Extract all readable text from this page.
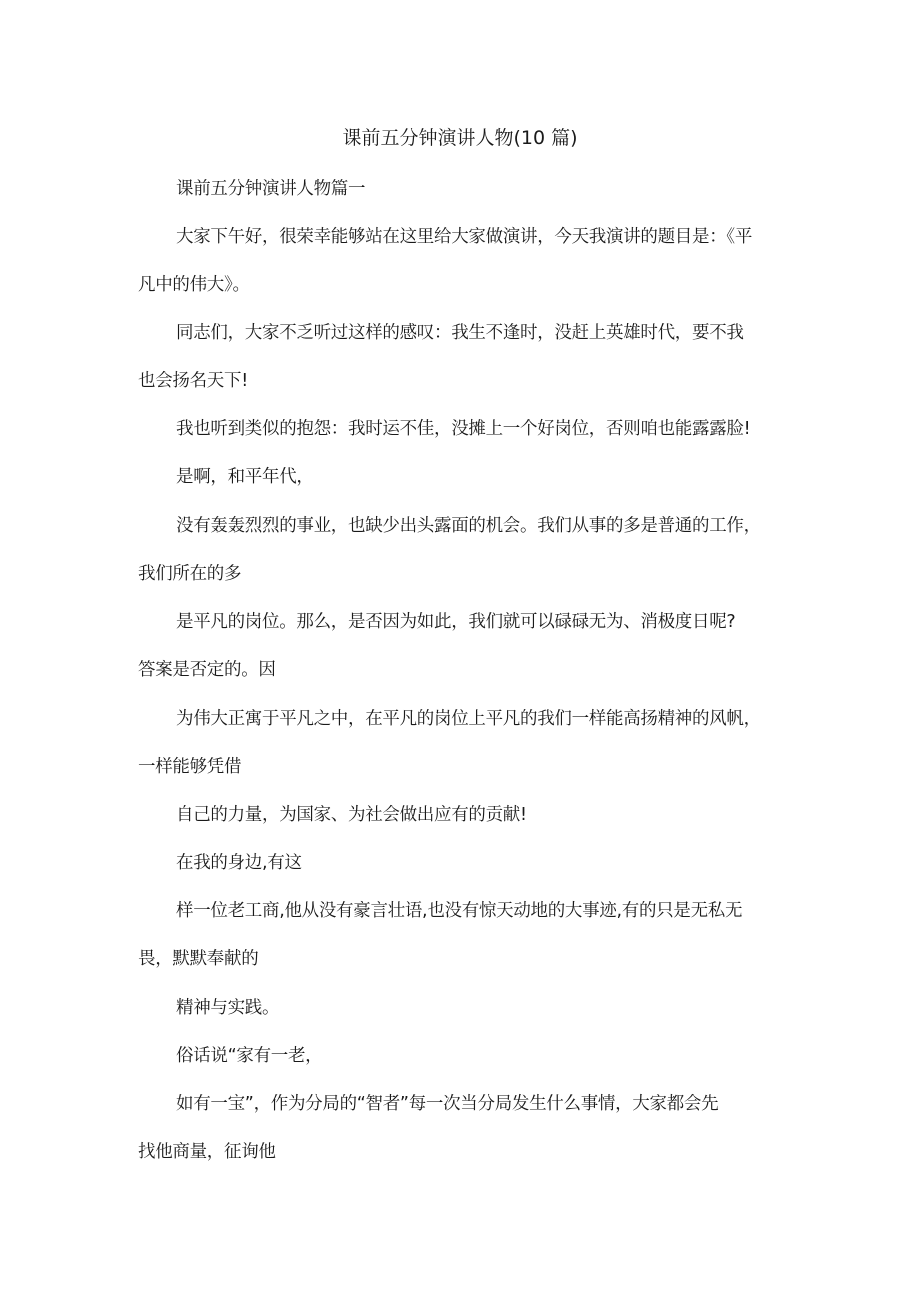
课前五分钟演讲人物(10 篇)
课前五分钟演讲人物篇一
大家下午好，很荣幸能够站在这里给大家做演讲，今天我演讲的题目是：《平
凡中的伟大》。
同志们，大家不乏听过这样的感叹：我生不逢时，没赶上英雄时代，要不我
也会扬名天下!
我也听到类似的抱怨：我时运不佳，没摊上一个好岗位，否则咱也能露露脸!
是啊，和平年代，
没有轰轰烈烈的事业，也缺少出头露面的机会。我们从事的多是普通的工作，
我们所在的多
是平凡的岗位。那么，是否因为如此，我们就可以碌碌无为、消极度日呢?
答案是否定的。因
为伟大正寓于平凡之中，在平凡的岗位上平凡的我们一样能高扬精神的风帆，
一样能够凭借
自己的力量，为国家、为社会做出应有的贡献!
在我的身边,有这
样一位老工商,他从没有豪言壮语,也没有惊天动地的大事迹,有的只是无私无
畏，默默奉献的
精神与实践。
俗话说“家有一老，
如有一宝”，作为分局的“智者”每一次当分局发生什么事情，大家都会先
找他商量，征询他
